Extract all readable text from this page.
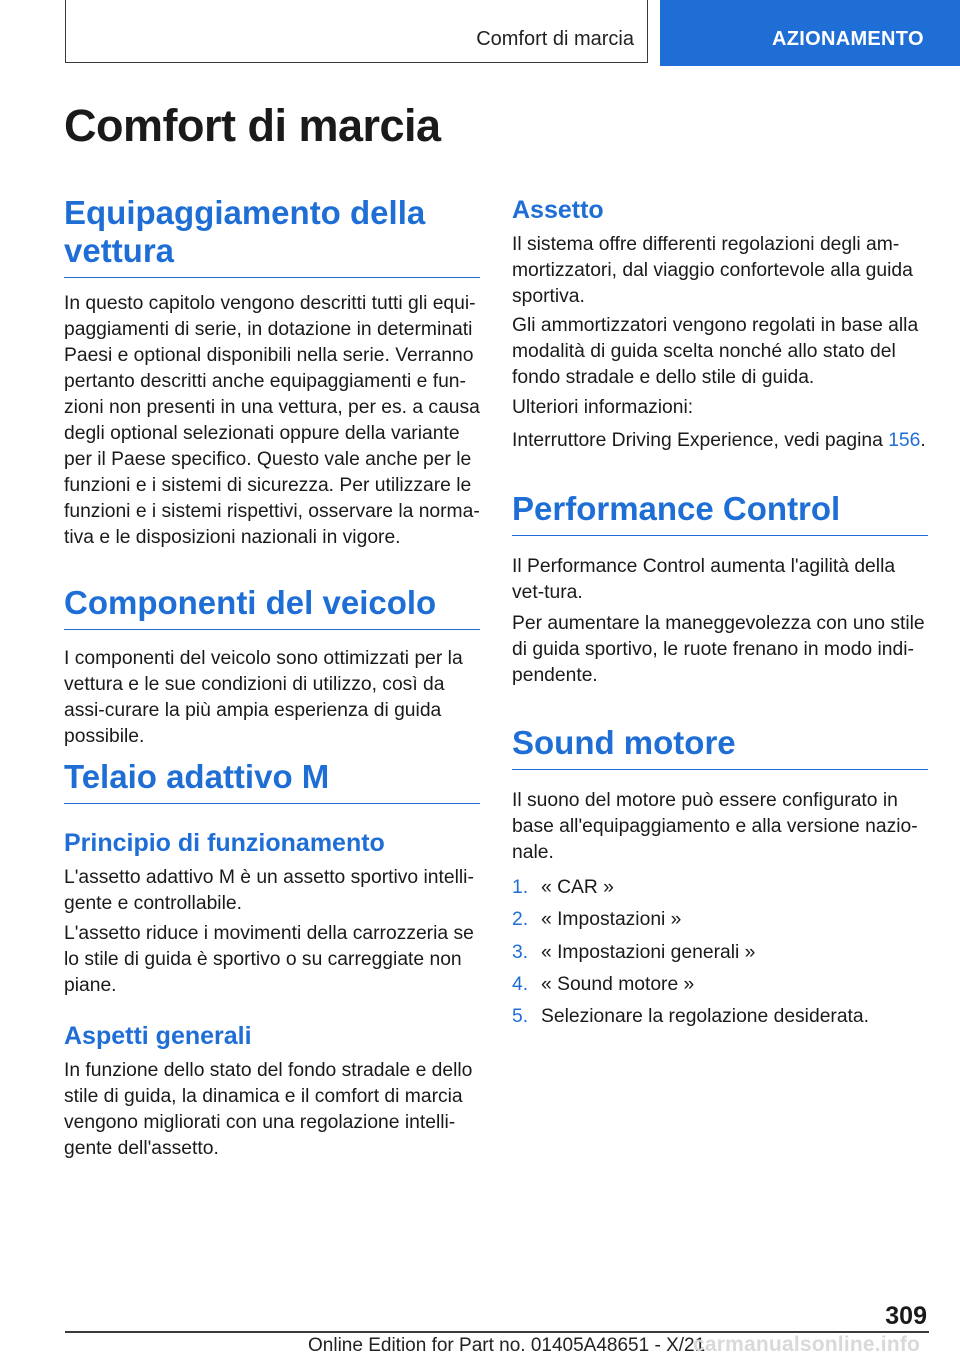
Comfort di marcia	AZIONAMENTO
Comfort di marcia
Equipaggiamento della vettura

In questo capitolo vengono descritti tutti gli equi-paggiamenti di serie, in dotazione in determinati Paesi e optional disponibili nella serie. Verranno pertanto descritti anche equipaggiamenti e fun-zioni non presenti in una vettura, per es. a causa degli optional selezionati oppure della variante per il Paese specifico. Questo vale anche per le funzioni e i sistemi di sicurezza. Per utilizzare le funzioni e i sistemi rispettivi, osservare la norma-tiva e le disposizioni nazionali in vigore.

Componenti del veicolo

I componenti del veicolo sono ottimizzati per la vettura e le sue condizioni di utilizzo, così da assi-curare la più ampia esperienza di guida possibile.

Telaio adattivo M
Principio di funzionamento

L'assetto adattivo M è un assetto sportivo intelli-gente e controllabile.

L'assetto riduce i movimenti della carrozzeria se lo stile di guida è sportivo o su carreggiate non piane.

Aspetti generali

In funzione dello stato del fondo stradale e dello stile di guida, la dinamica e il comfort di marcia vengono migliorati con una regolazione intelli-gente dell'assetto.

Assetto

Il sistema offre differenti regolazioni degli am-mortizzatori, dal viaggio confortevole alla guida sportiva.

Gli ammortizzatori vengono regolati in base alla modalità di guida scelta nonché allo stato del fondo stradale e dello stile di guida.

Ulteriori informazioni:

Interruttore Driving Experience, vedi pagina 156.

Performance Control

Il Performance Control aumenta l'agilità della vet-tura.

Per aumentare la maneggevolezza con uno stile di guida sportivo, le ruote frenano in modo indi-pendente.

Sound motore

Il suono del motore può essere configurato in base all'equipaggiamento e alla versione nazio-nale.

1. « CAR »
2. « Impostazioni »
3. « Impostazioni generali »
4. « Sound motore »
5. Selezionare la regolazione desiderata.
309
Online Edition for Part no. 01405A48651 - X/21
carmanualsonline.info
